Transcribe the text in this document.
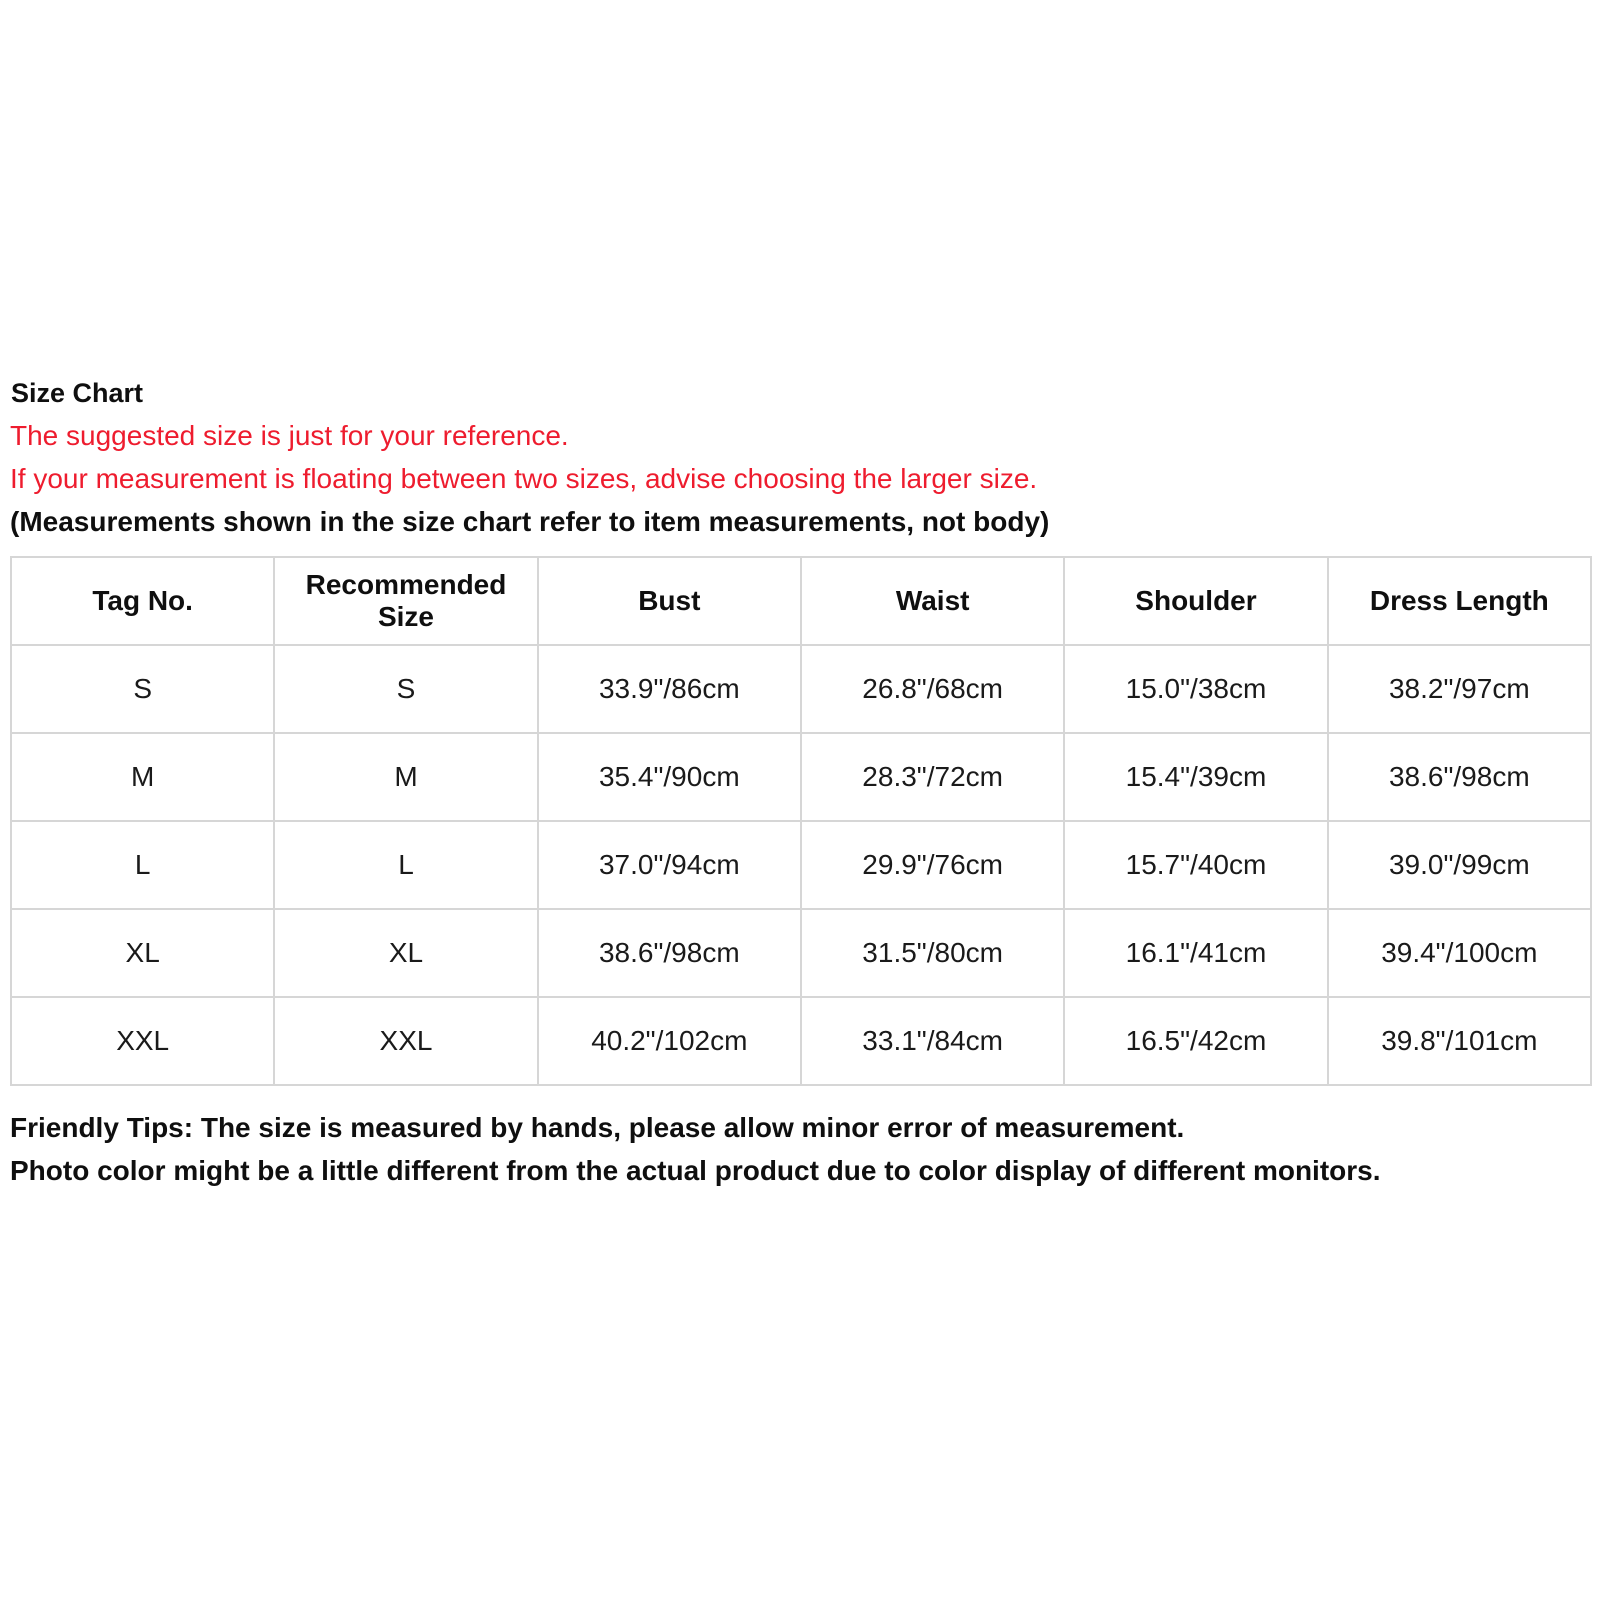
Size Chart

The suggested size is just for your reference.

If your measurement is floating between two sizes, advise choosing the larger size.

(Measurements shown in the size chart refer to item measurements, not body)

Tag No.	Recommended Size	Bust	Waist	Shoulder	Dress Length
S	S	33.9"/86cm	26.8"/68cm	15.0"/38cm	38.2"/97cm
M	M	35.4"/90cm	28.3"/72cm	15.4"/39cm	38.6"/98cm
L	L	37.0"/94cm	29.9"/76cm	15.7"/40cm	39.0"/99cm
XL	XL	38.6"/98cm	31.5"/80cm	16.1"/41cm	39.4"/100cm
XXL	XXL	40.2"/102cm	33.1"/84cm	16.5"/42cm	39.8"/101cm

Friendly Tips: The size is measured by hands, please allow minor error of measurement.

Photo color might be a little different from the actual product due to color display of different monitors.
